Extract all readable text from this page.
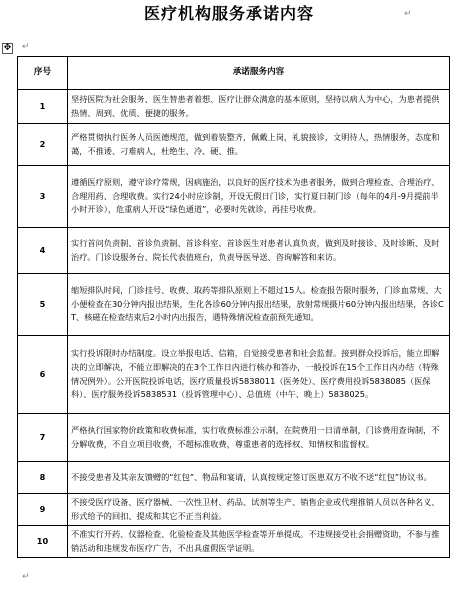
医疗机构服务承诺内容
✥
↵
↵
↵
序号	承诺服务内容
1	坚持医院为社会服务、医生替患者着想、医疗让群众满意的基本原则，坚持以病人为中心，为患者提供热情、周到、优质、便捷的服务。
2	严格贯彻执行医务人员医德规范，做到着装整齐，佩戴上岗，礼貌接诊，文明待人，热情服务，态度和蔼，不推诿、刁难病人，杜绝生、冷、硬、推。
3	遵循医疗原则，遵守诊疗常规，因病施治，以良好的医疗技术为患者服务，做到合理检查、合理治疗、合理用药、合理收费。实行24小时应诊制，开设无假日门诊，实行夏日制门诊（每年的4月-9月提前半小时开诊），危重病人开设“绿色通道”，必要时先就诊，再挂号收费。
4	实行首问负责制、首诊负责制、首诊科室、首诊医生对患者认真负责，做到及时接诊、及时诊断、及时治疗。门诊设服务台、院长代表值班台，负责导医导送、咨询解答和来访。
5	缩短排队时间，门诊挂号、收费、取药等排队原则上不超过15人。检查报告限时服务，门诊血常规、大小便检查在30分钟内报出结果，生化各诊60分钟内报出结果，放射常规摄片60分钟内报出结果，各诊CT、核磁在检查结束后2小时内出报告，遇特殊情况检查前预先通知。
6	实行投诉限时办结制度。设立举报电话、信箱，自觉接受患者和社会监督。接到群众投诉后，能立即解决的立即解决，不能立即解决的在3个工作日内进行核办和答办，一般投诉在15个工作日内办结（特殊情况例外）。公开医院投诉电话，医疗质量投诉5838011（医务处）、医疗费用投诉5838085（医保科）、医疗服务投诉5838531（投诉管理中心）、总值班（中午、晚上）5838025。
7	严格执行国家物价政策和收费标准，实行收费标准公示制，在院费用一日清单制，门诊费用查询制，不分解收费，不自立项目收费，不超标准收费，尊重患者的选择权、知情权和监督权。
8	不接受患者及其亲友馈赠的“红包”、物品和宴请，认真按规定签订医患双方不收不送“红包”协议书。
9	不接受医疗设备、医疗器械、一次性卫材、药品、试剂等生产、销售企业或代理推销人员以各种名义、形式给予的回扣、提成和其它不正当利益。
10	不准实行开药、仪器检查、化验检查及其他医学检查等开单提成。不违规接受社会捐赠资助，不参与推销活动和违规发布医疗广告，不出具虚假医学证明。
